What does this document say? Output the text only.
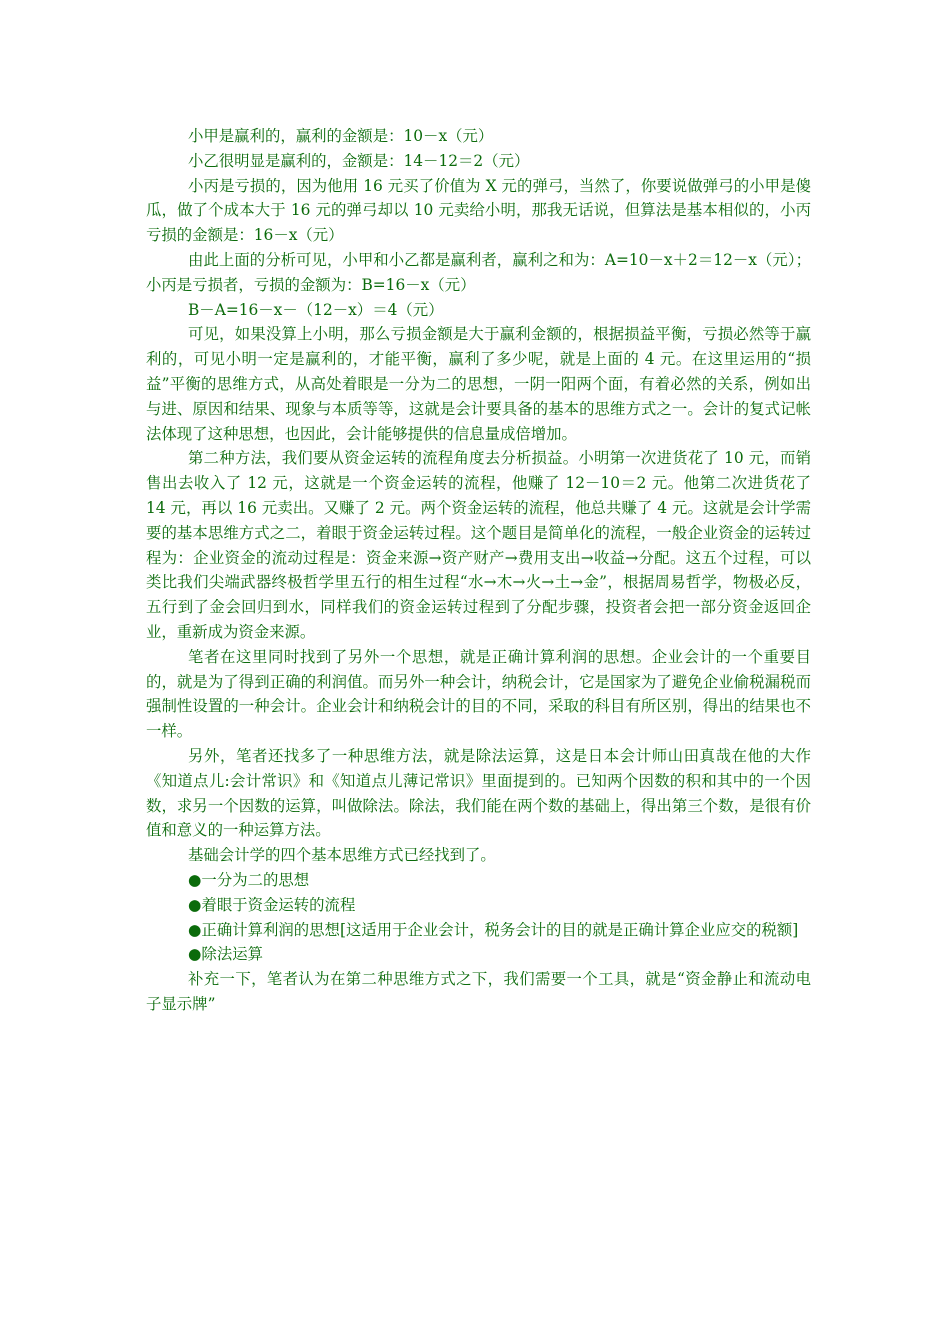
小甲是赢利的，赢利的金额是：10－x（元）

小乙很明显是赢利的，金额是：14－12＝2（元）

小丙是亏损的，因为他用 16 元买了价值为 X 元的弹弓，当然了，你要说做弹弓的小甲是傻瓜，做了个成本大于 16 元的弹弓却以 10 元卖给小明，那我无话说，但算法是基本相似的，小丙亏损的金额是：16－x（元）

由此上面的分析可见，小甲和小乙都是赢利者，赢利之和为：A=10－x＋2＝12－x（元）；小丙是亏损者，亏损的金额为：B=16－x（元）

B－A=16－x－（12－x）＝4（元）

可见，如果没算上小明，那么亏损金额是大于赢利金额的，根据损益平衡，亏损必然等于赢利的，可见小明一定是赢利的，才能平衡，赢利了多少呢，就是上面的 4 元。在这里运用的“损益”平衡的思维方式，从高处着眼是一分为二的思想，一阴一阳两个面，有着必然的关系，例如出与进、原因和结果、现象与本质等等，这就是会计要具备的基本的思维方式之一。会计的复式记帐法体现了这种思想，也因此，会计能够提供的信息量成倍增加。

第二种方法，我们要从资金运转的流程角度去分析损益。小明第一次进货花了 10 元，而销售出去收入了 12 元，这就是一个资金运转的流程，他赚了 12－10＝2 元。他第二次进货花了 14 元，再以 16 元卖出。又赚了 2 元。两个资金运转的流程，他总共赚了 4 元。这就是会计学需要的基本思维方式之二，着眼于资金运转过程。这个题目是简单化的流程，一般企业资金的运转过程为：企业资金的流动过程是：资金来源→资产财产→费用支出→收益→分配。这五个过程，可以类比我们尖端武器终极哲学里五行的相生过程“水→木→火→土→金”，根据周易哲学，物极必反，五行到了金会回归到水，同样我们的资金运转过程到了分配步骤，投资者会把一部分资金返回企业，重新成为资金来源。

笔者在这里同时找到了另外一个思想，就是正确计算利润的思想。企业会计的一个重要目的，就是为了得到正确的利润值。而另外一种会计，纳税会计，它是国家为了避免企业偷税漏税而强制性设置的一种会计。企业会计和纳税会计的目的不同，采取的科目有所区别，得出的结果也不一样。

另外，笔者还找多了一种思维方法，就是除法运算，这是日本会计师山田真哉在他的大作《知道点儿:会计常识》和《知道点儿薄记常识》里面提到的。已知两个因数的积和其中的一个因数，求另一个因数的运算，叫做除法。除法，我们能在两个数的基础上，得出第三个数，是很有价值和意义的一种运算方法。

基础会计学的四个基本思维方式已经找到了。

●一分为二的思想

●着眼于资金运转的流程

●正确计算利润的思想[这适用于企业会计，税务会计的目的就是正确计算企业应交的税额]

●除法运算

补充一下，笔者认为在第二种思维方式之下，我们需要一个工具，就是“资金静止和流动电子显示牌”
